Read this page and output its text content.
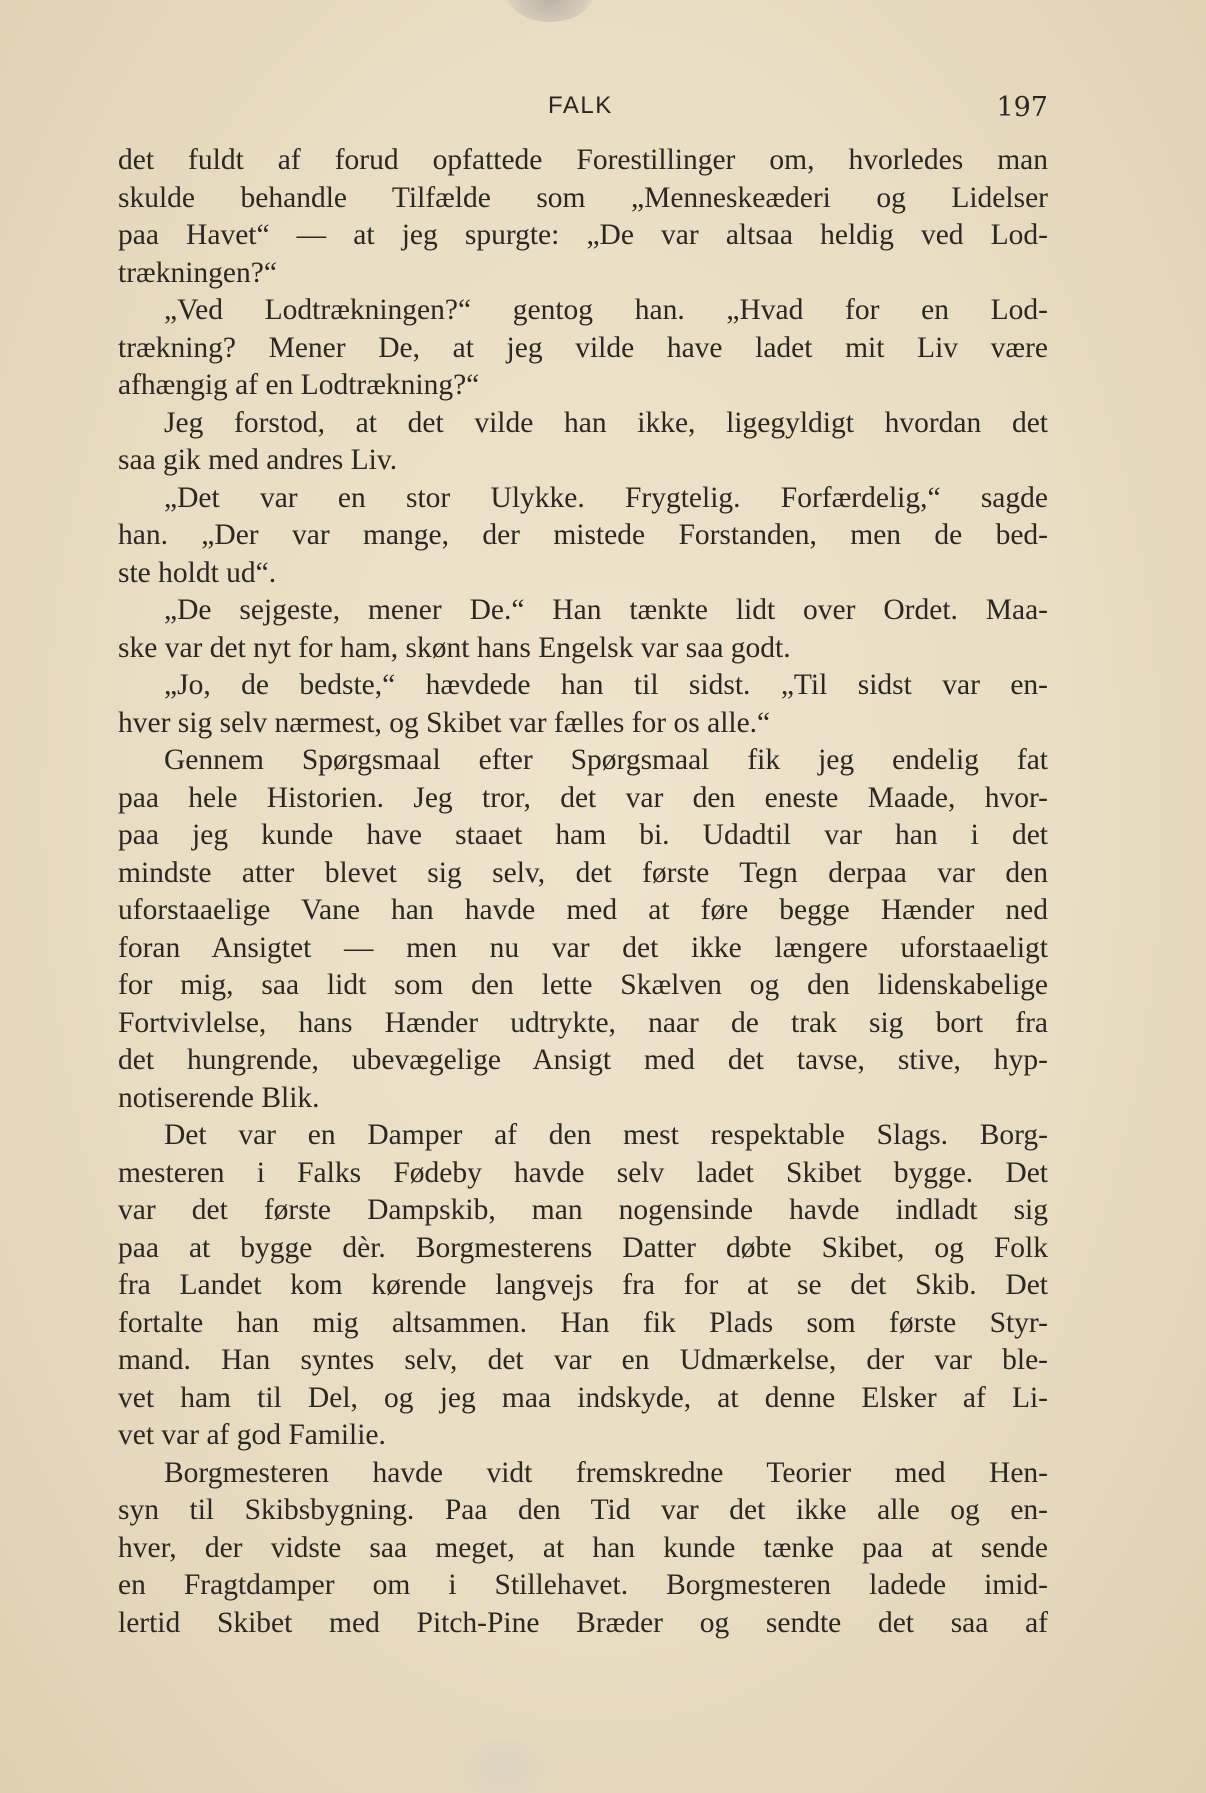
FALK	197
det fuldt af forud opfattede Forestillinger om, hvorledes man
skulde behandle Tilfælde som „Menneskeæderi og Lidelser
paa Havet“ — at jeg spurgte: „De var altsaa heldig ved Lod-
trækningen?“
„Ved Lodtrækningen?“ gentog han. „Hvad for en Lod-
trækning? Mener De, at jeg vilde have ladet mit Liv være
afhængig af en Lodtrækning?“
Jeg forstod, at det vilde han ikke, ligegyldigt hvordan det
saa gik med andres Liv.
„Det var en stor Ulykke. Frygtelig. Forfærdelig,“ sagde
han. „Der var mange, der mistede Forstanden, men de bed-
ste holdt ud“.
„De sejgeste, mener De.“ Han tænkte lidt over Ordet. Maa-
ske var det nyt for ham, skønt hans Engelsk var saa godt.
„Jo, de bedste,“ hævdede han til sidst. „Til sidst var en-
hver sig selv nærmest, og Skibet var fælles for os alle.“
Gennem Spørgsmaal efter Spørgsmaal fik jeg endelig fat
paa hele Historien. Jeg tror, det var den eneste Maade, hvor-
paa jeg kunde have staaet ham bi. Udadtil var han i det
mindste atter blevet sig selv, det første Tegn derpaa var den
uforstaaelige Vane han havde med at føre begge Hænder ned
foran Ansigtet — men nu var det ikke længere uforstaaeligt
for mig, saa lidt som den lette Skælven og den lidenskabelige
Fortvivlelse, hans Hænder udtrykte, naar de trak sig bort fra
det hungrende, ubevægelige Ansigt med det tavse, stive, hyp-
notiserende Blik.
Det var en Damper af den mest respektable Slags. Borg-
mesteren i Falks Fødeby havde selv ladet Skibet bygge. Det
var det første Dampskib, man nogensinde havde indladt sig
paa at bygge dèr. Borgmesterens Datter døbte Skibet, og Folk
fra Landet kom kørende langvejs fra for at se det Skib. Det
fortalte han mig altsammen. Han fik Plads som første Styr-
mand. Han syntes selv, det var en Udmærkelse, der var ble-
vet ham til Del, og jeg maa indskyde, at denne Elsker af Li-
vet var af god Familie.
Borgmesteren havde vidt fremskredne Teorier med Hen-
syn til Skibsbygning. Paa den Tid var det ikke alle og en-
hver, der vidste saa meget, at han kunde tænke paa at sende
en Fragtdamper om i Stillehavet. Borgmesteren ladede imid-
lertid Skibet med Pitch-Pine Bræder og sendte det saa af
